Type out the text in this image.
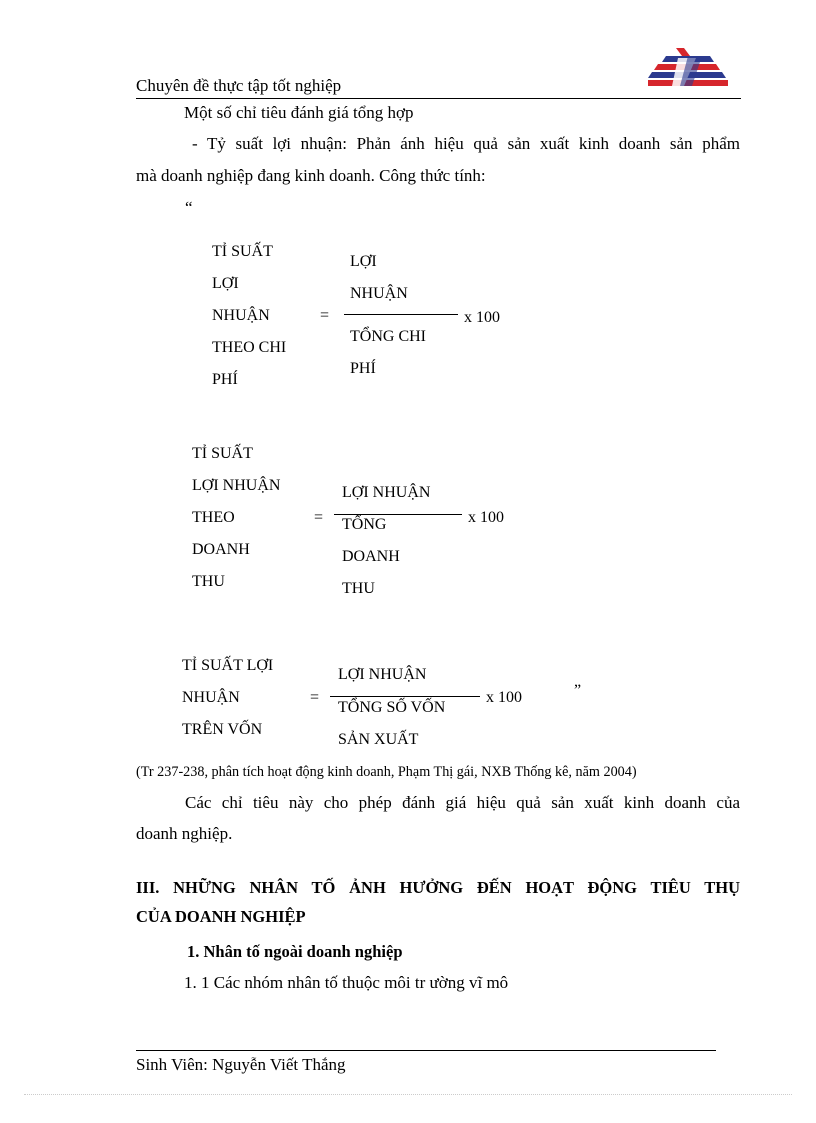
Chuyên đề thực tập tốt nghiệp
Một số chỉ tiêu đánh giá tổng hợp
- Tỷ suất lợi nhuận: Phản ánh hiệu quả sản xuất kinh doanh sản phẩm
mà doanh nghiệp đang kinh doanh. Công thức tính:
“
TỈ SUẤT
LỢI
NHUẬN
THEO CHI
PHÍ
=
LỢI
NHUẬN
TỔNG CHI
PHÍ
x 100
TỈ SUẤT
LỢI NHUẬN
THEO
DOANH
THU
=
LỢI NHUẬN
TỔNG
DOANH
THU
x 100
TỈ SUẤT LỢI
NHUẬN
TRÊN VỐN
=
LỢI NHUẬN
TỔNG SỐ VỐN
SẢN XUẤT
x 100	”
(Tr 237-238, phân tích hoạt động kinh doanh, Phạm Thị gái, NXB Thống kê, năm 2004)
Các chỉ tiêu này cho phép đánh giá hiệu quả sản xuất kinh doanh của
doanh nghiệp.
III. NHỮNG NHÂN TỐ ẢNH HƯỞNG ĐẾN HOẠT ĐỘNG TIÊU THỤ
CỦA DOANH NGHIỆP
1. Nhân tố ngoài doanh nghiệp
1. 1 Các nhóm nhân tố thuộc môi tr ường vĩ mô
Sinh Viên: Nguyễn Viết Thắng
